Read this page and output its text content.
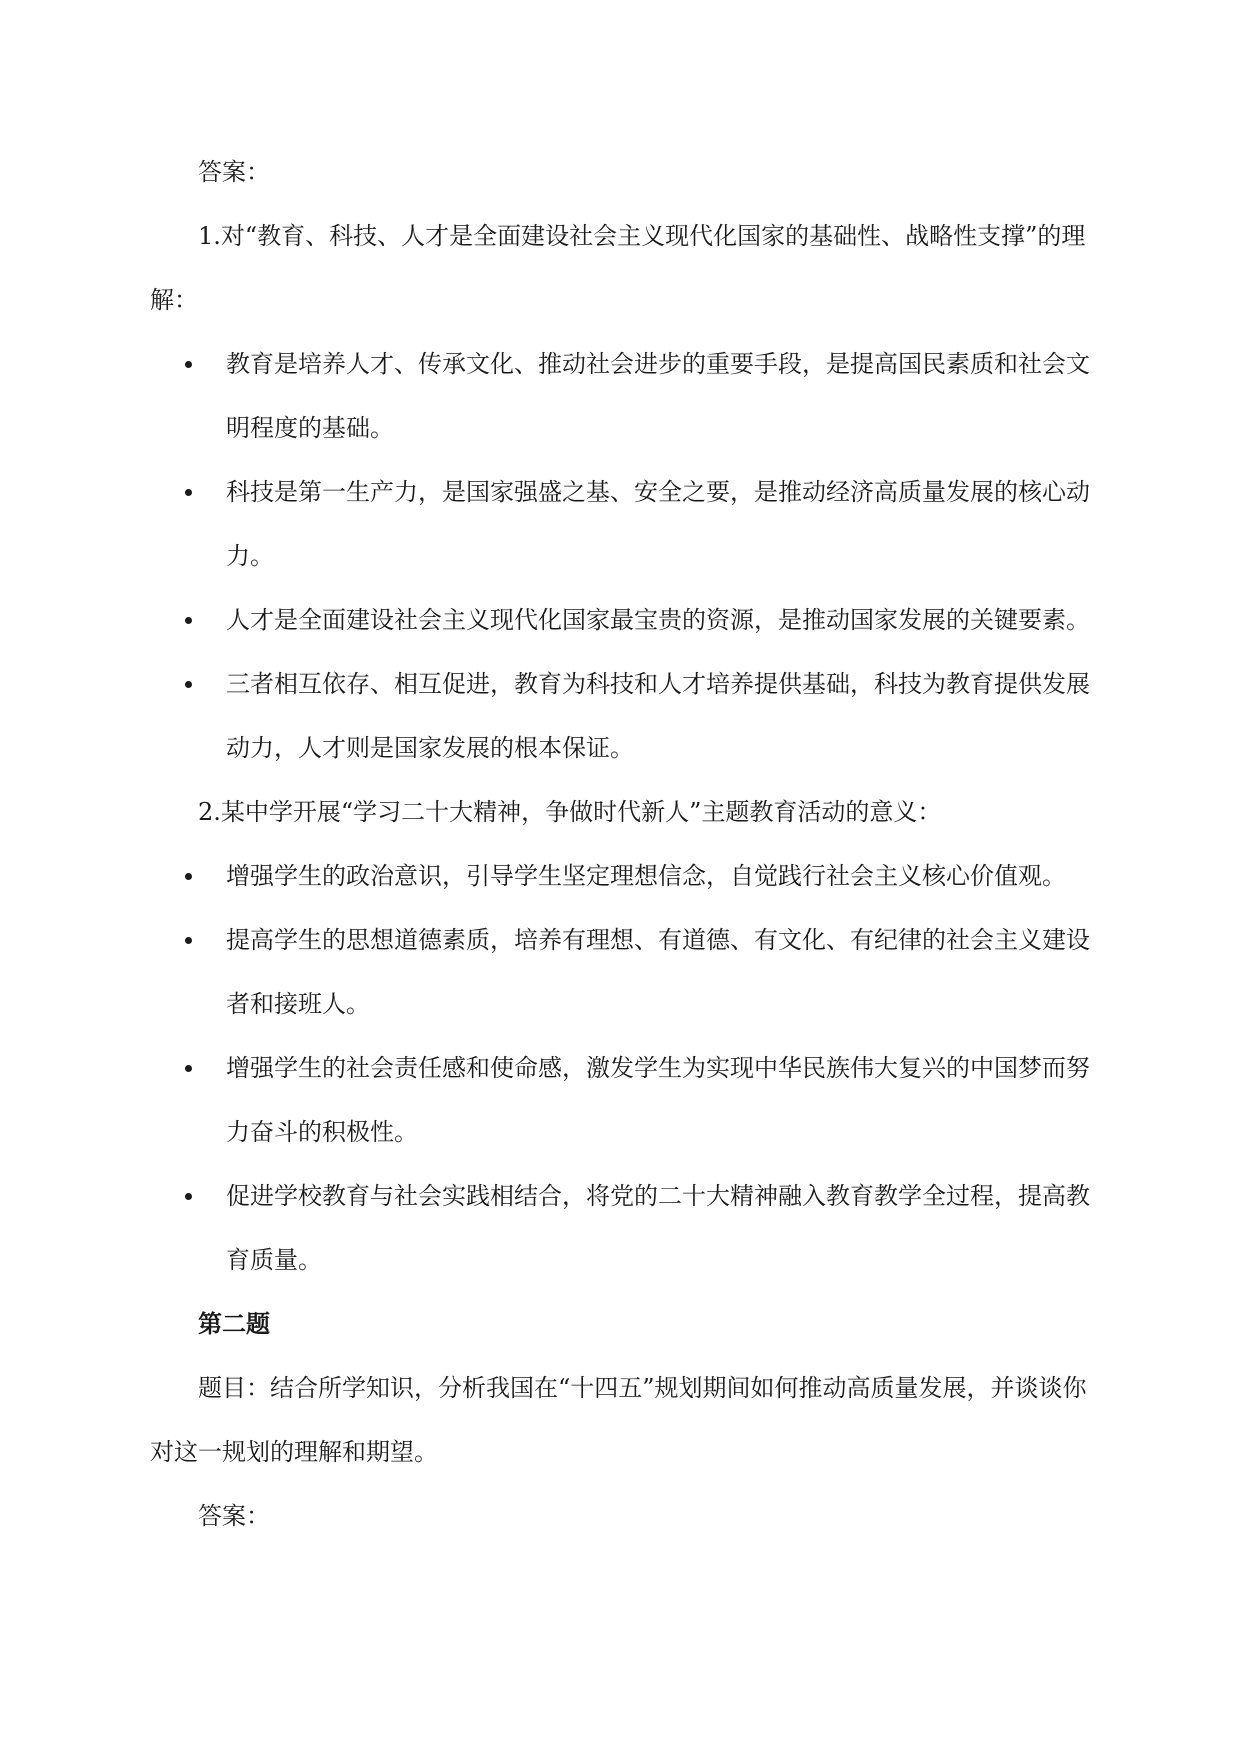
答案：

1.对“教育、科技、人才是全面建设社会主义现代化国家的基础性、战略性支撑”的理解：

教育是培养人才、传承文化、推动社会进步的重要手段，是提高国民素质和社会文明程度的基础。
科技是第一生产力，是国家强盛之基、安全之要，是推动经济高质量发展的核心动力。
人才是全面建设社会主义现代化国家最宝贵的资源，是推动国家发展的关键要素。
三者相互依存、相互促进，教育为科技和人才培养提供基础，科技为教育提供发展动力，人才则是国家发展的根本保证。

2.某中学开展“学习二十大精神，争做时代新人”主题教育活动的意义：

增强学生的政治意识，引导学生坚定理想信念，自觉践行社会主义核心价值观。
提高学生的思想道德素质，培养有理想、有道德、有文化、有纪律的社会主义建设者和接班人。
增强学生的社会责任感和使命感，激发学生为实现中华民族伟大复兴的中国梦而努力奋斗的积极性。
促进学校教育与社会实践相结合，将党的二十大精神融入教育教学全过程，提高教育质量。

第二题

题目：结合所学知识，分析我国在“十四五”规划期间如何推动高质量发展，并谈谈你对这一规划的理解和期望。

答案：
